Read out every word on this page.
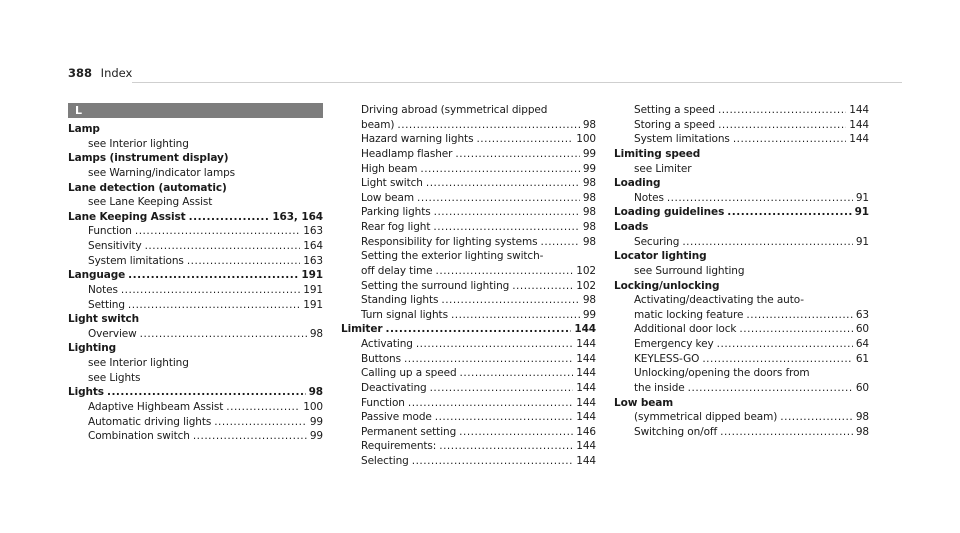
388 Index
L
Lamp
see Interior lighting
Lamps (instrument display)
see Warning/indicator lamps
Lane detection (automatic)
see Lane Keeping Assist
Lane Keeping Assist .....	163, 164
Function .....	163
Sensitivity .....	164
System limitations .....	163
Language .....	191
Notes .....	191
Setting .....	191
Light switch
Overview .....	98
Lighting
see Interior lighting
see Lights
Lights .....	98
Adaptive Highbeam Assist .....	100
Automatic driving lights .....	99
Combination switch .....	99
Driving abroad (symmetrical dipped
beam) .....	98
Hazard warning lights .....	100
Headlamp flasher .....	99
High beam .....	99
Light switch .....	98
Low beam .....	98
Parking lights .....	98
Rear fog light .....	98
Responsibility for lighting systems .....	98
Setting the exterior lighting switch-
off delay time .....	102
Setting the surround lighting .....	102
Standing lights .....	98
Turn signal lights .....	99
Limiter .....	144
Activating .....	144
Buttons .....	144
Calling up a speed .....	144
Deactivating .....	144
Function .....	144
Passive mode .....	144
Permanent setting .....	146
Requirements: .....	144
Selecting .....	144
Setting a speed .....	144
Storing a speed .....	144
System limitations .....	144
Limiting speed
see Limiter
Loading
Notes .....	91
Loading guidelines .....	91
Loads
Securing .....	91
Locator lighting
see Surround lighting
Locking/unlocking
Activating/deactivating the auto-
matic locking feature .....	63
Additional door lock .....	60
Emergency key .....	64
KEYLESS-GO .....	61
Unlocking/opening the doors from
the inside .....	60
Low beam
(symmetrical dipped beam) .....	98
Switching on/off .....	98
